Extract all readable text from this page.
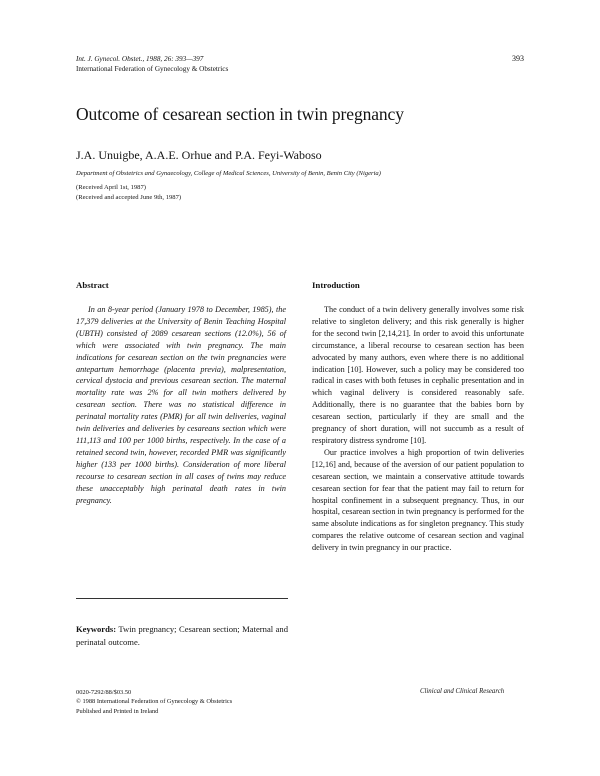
Int. J. Gynecol. Obstet., 1988, 26: 393—397
International Federation of Gynecology & Obstetrics
393
Outcome of cesarean section in twin pregnancy
J.A. Unuigbe, A.A.E. Orhue and P.A. Feyi-Waboso
Department of Obstetrics and Gynaecology, College of Medical Sciences, University of Benin, Benin City (Nigeria)
(Received April 1st, 1987)
(Received and accepted June 9th, 1987)
Abstract

In an 8-year period (January 1978 to December, 1985), the 17,379 deliveries at the University of Benin Teaching Hospital (UBTH) consisted of 2089 cesarean sections (12.0%), 56 of which were associated with twin pregnancy. The main indications for cesarean section on the twin pregnancies were antepartum hemorrhage (placenta previa), malpresentation, cervical dystocia and previous cesarean section. The maternal mortality rate was 2% for all twin mothers delivered by cesarean section. There was no statistical difference in perinatal mortality rates (PMR) for all twin deliveries, vaginal twin deliveries and deliveries by cesareans section which were 111,113 and 100 per 1000 births, respectively. In the case of a retained second twin, however, recorded PMR was significantly higher (133 per 1000 births). Consideration of more liberal recourse to cesarean section in all cases of twins may reduce these unacceptably high perinatal death rates in twin pregnancy.

Keywords: Twin pregnancy; Cesarean section; Maternal and perinatal outcome.
Introduction

The conduct of a twin delivery generally involves some risk relative to singleton delivery; and this risk generally is higher for the second twin [2,14,21]. In order to avoid this unfortunate circumstance, a liberal recourse to cesarean section has been advocated by many authors, even where there is no additional indication [10]. However, such a policy may be considered too radical in cases with both fetuses in cephalic presentation and in which vaginal delivery is considered reasonably safe. Additionally, there is no guarantee that the babies born by cesarean section, particularly if they are small and the pregnancy of short duration, will not succumb as a result of respiratory distress syndrome [10].

Our practice involves a high proportion of twin deliveries [12,16] and, because of the aversion of our patient population to cesarean section, we maintain a conservative attitude towards cesarean section for fear that the patient may fail to return for hospital confinement in a subsequent pregnancy. Thus, in our hospital, cesarean section in twin pregnancy is performed for the same absolute indications as for singleton pregnancy. This study compares the relative outcome of cesarean section and vaginal delivery in twin pregnancy in our practice.

0020-7292/88/$03.50
© 1988 International Federation of Gynecology & Obstetrics
Published and Printed in Ireland
Clinical and Clinical Research
